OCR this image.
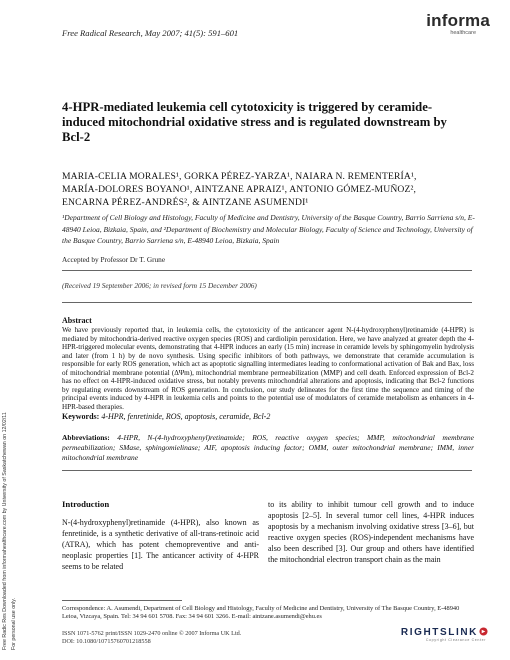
Free Radical Research, May 2007; 41(5): 591–601
informa
healthcare
Free Radic Res Downloaded from informahealthcare.com by University of Saskatchewan on 12/02/11 For personal use only.
4-HPR-mediated leukemia cell cytotoxicity is triggered by ceramide-induced mitochondrial oxidative stress and is regulated downstream by Bcl-2
MARIA-CELIA MORALES¹, GORKA PÉREZ-YARZA¹, NAIARA N. REMENTERÍA¹,
MARÍA-DOLORES BOYANO¹, AINTZANE APRAIZ¹, ANTONIO GÓMEZ-MUÑOZ²,
ENCARNA PÉREZ-ANDRÉS², & AINTZANE ASUMENDI¹
¹Department of Cell Biology and Histology, Faculty of Medicine and Dentistry, University of the Basque Country, Barrio Sarriena s/n, E-48940 Leioa, Bizkaia, Spain, and ²Department of Biochemistry and Molecular Biology, Faculty of Science and Technology, University of the Basque Country, Barrio Sarriena s/n, E-48940 Leioa, Bizkaia, Spain
Accepted by Professor Dr T. Grune
(Received 19 September 2006; in revised form 15 December 2006)
Abstract
We have previously reported that, in leukemia cells, the cytotoxicity of the anticancer agent N-(4-hydroxyphenyl)retinamide (4-HPR) is mediated by mitochondria-derived reactive oxygen species (ROS) and cardiolipin peroxidation. Here, we have analyzed at greater depth the 4-HPR-triggered molecular events, demonstrating that 4-HPR induces an early (15 min) increase in ceramide levels by sphingomyelin hydrolysis and later (from 1 h) by de novo synthesis. Using specific inhibitors of both pathways, we demonstrate that ceramide accumulation is responsible for early ROS generation, which act as apoptotic signalling intermediates leading to conformational activation of Bak and Bax, loss of mitochondrial membrane potential (ΔΨm), mitochondrial membrane permeabilization (MMP) and cell death. Enforced expression of Bcl-2 has no effect on 4-HPR-induced oxidative stress, but notably prevents mitochondrial alterations and apoptosis, indicating that Bcl-2 functions by regulating events downstream of ROS generation. In conclusion, our study delineates for the first time the sequence and timing of the principal events induced by 4-HPR in leukemia cells and points to the potential use of modulators of ceramide metabolism as enhancers in 4-HPR-based therapies.
Keywords: 4-HPR, fenretinide, ROS, apoptosis, ceramide, Bcl-2
Abbreviations: 4-HPR, N-(4-hydroxyphenyl)retinamide; ROS, reactive oxygen species; MMP, mitochondrial membrane permeabilization; SMase, sphingomielinase; AIF, apoptosis inducing factor; OMM, outer mitochondrial membrane; IMM, inner mitochondrial membrane
Introduction
N-(4-hydroxyphenyl)retinamide (4-HPR), also known as fenretinide, is a synthetic derivative of all-trans-retinoic acid (ATRA), which has potent chemopreventive and anti-neoplasic properties [1]. The anticancer activity of 4-HPR seems to be related
to its ability to inhibit tumour cell growth and to induce apoptosis [2–5]. In several tumor cell lines, 4-HPR induces apoptosis by a mechanism involving oxidative stress [3–6], but reactive oxygen species (ROS)-independent mechanisms have also been described [3]. Our group and others have identified the mitochondrial electron transport chain as the main
Correspondence: A. Asumendi, Department of Cell Biology and Histology, Faculty of Medicine and Dentistry, University of The Basque Country, E-48940 Leioa, Vizcaya, Spain. Tel: 34 94 601 5708. Fax: 34 94 601 3266. E-mail: aintzane.asumendi@ehu.es
ISSN 1071-5762 print/ISSN 1029-2470 online © 2007 Informa UK Ltd.
DOI: 10.1080/10715760701218558
RIGHTSLINK
Copyright Clearance Center
